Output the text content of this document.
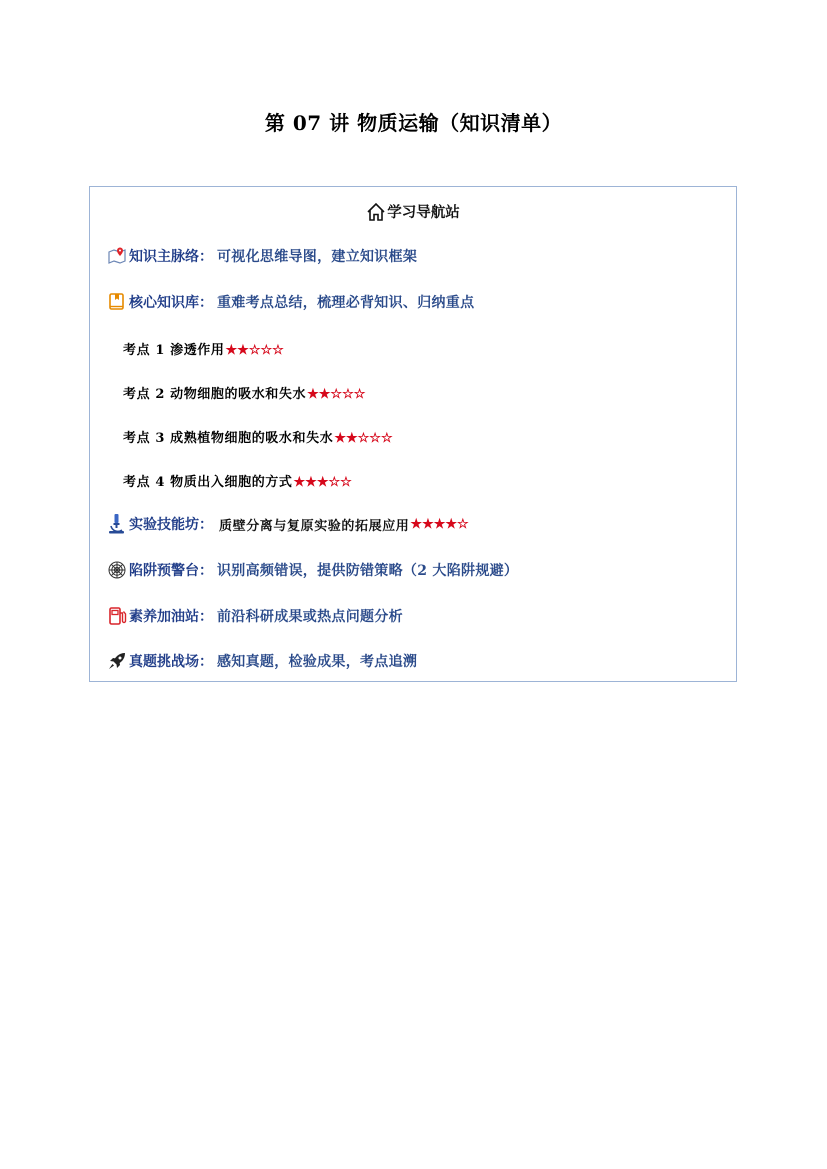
第 07 讲 物质运输（知识清单）
学习导航站
知识主脉络 ： 可视化思维导图，建立知识框架
核心知识库 ： 重难考点总结，梳理必背知识、归纳重点
考点 1 渗透作用★★☆☆☆
考点 2 动物细胞的吸水和失水★★☆☆☆
考点 3 成熟植物细胞的吸水和失水★★☆☆☆
考点 4 物质出入细胞的方式★★★☆☆
实验技能坊 ： 质壁分离与复原实验的拓展应用 ★★★★☆
陷阱预警台 ： 识别高频错误，提供防错策略（2 大陷阱规避）
素养加油站 ： 前沿科研成果或热点问题分析
真题挑战场 ： 感知真题，检验成果，考点追溯
